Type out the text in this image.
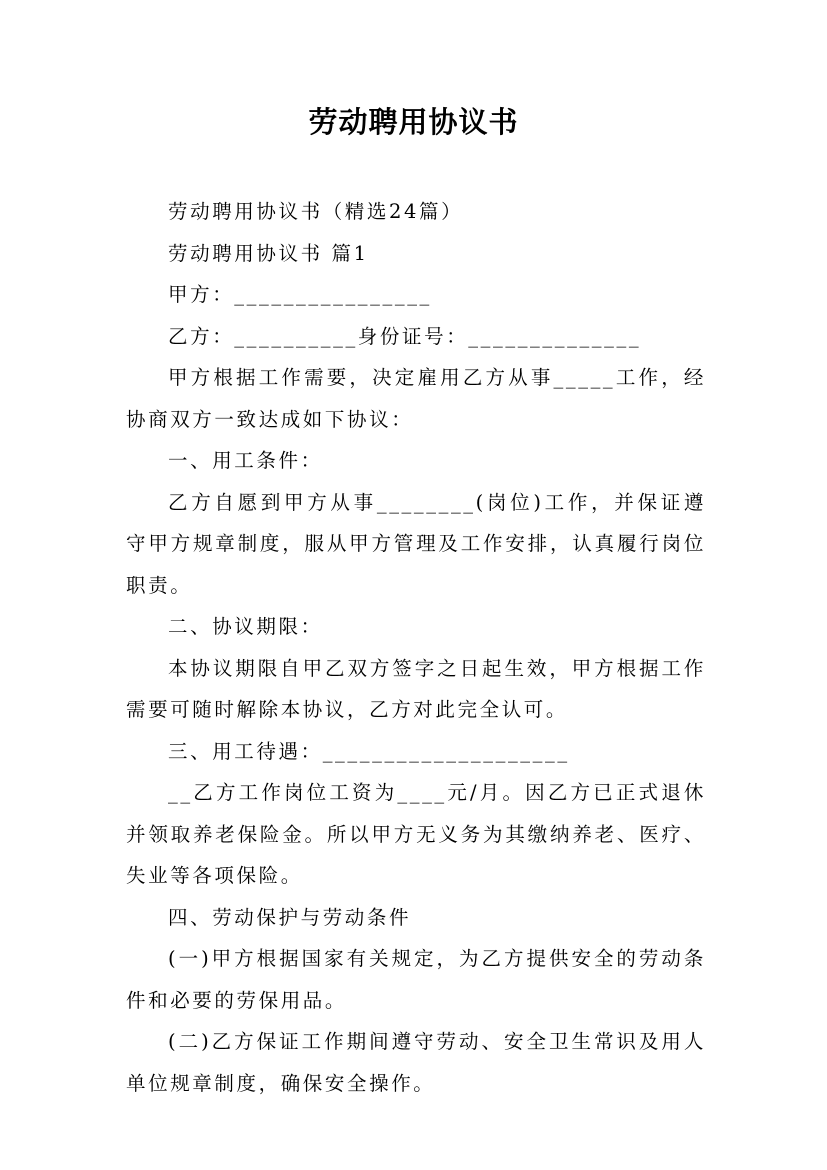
劳动聘用协议书

劳动聘用协议书（精选24篇）

劳动聘用协议书 篇1

甲方：________________

乙方：__________身份证号：______________

甲方根据工作需要，决定雇用乙方从事_____工作，经协商双方一致达成如下协议：

一、用工条件：

乙方自愿到甲方从事________(岗位)工作，并保证遵守甲方规章制度，服从甲方管理及工作安排，认真履行岗位职责。

二、协议期限：

本协议期限自甲乙双方签字之日起生效，甲方根据工作需要可随时解除本协议，乙方对此完全认可。

三、用工待遇：____________________

__乙方工作岗位工资为____元/月。因乙方已正式退休并领取养老保险金。所以甲方无义务为其缴纳养老、医疗、失业等各项保险。

四、劳动保护与劳动条件

(一)甲方根据国家有关规定，为乙方提供安全的劳动条件和必要的劳保用品。

(二)乙方保证工作期间遵守劳动、安全卫生常识及用人单位规章制度，确保安全操作。
